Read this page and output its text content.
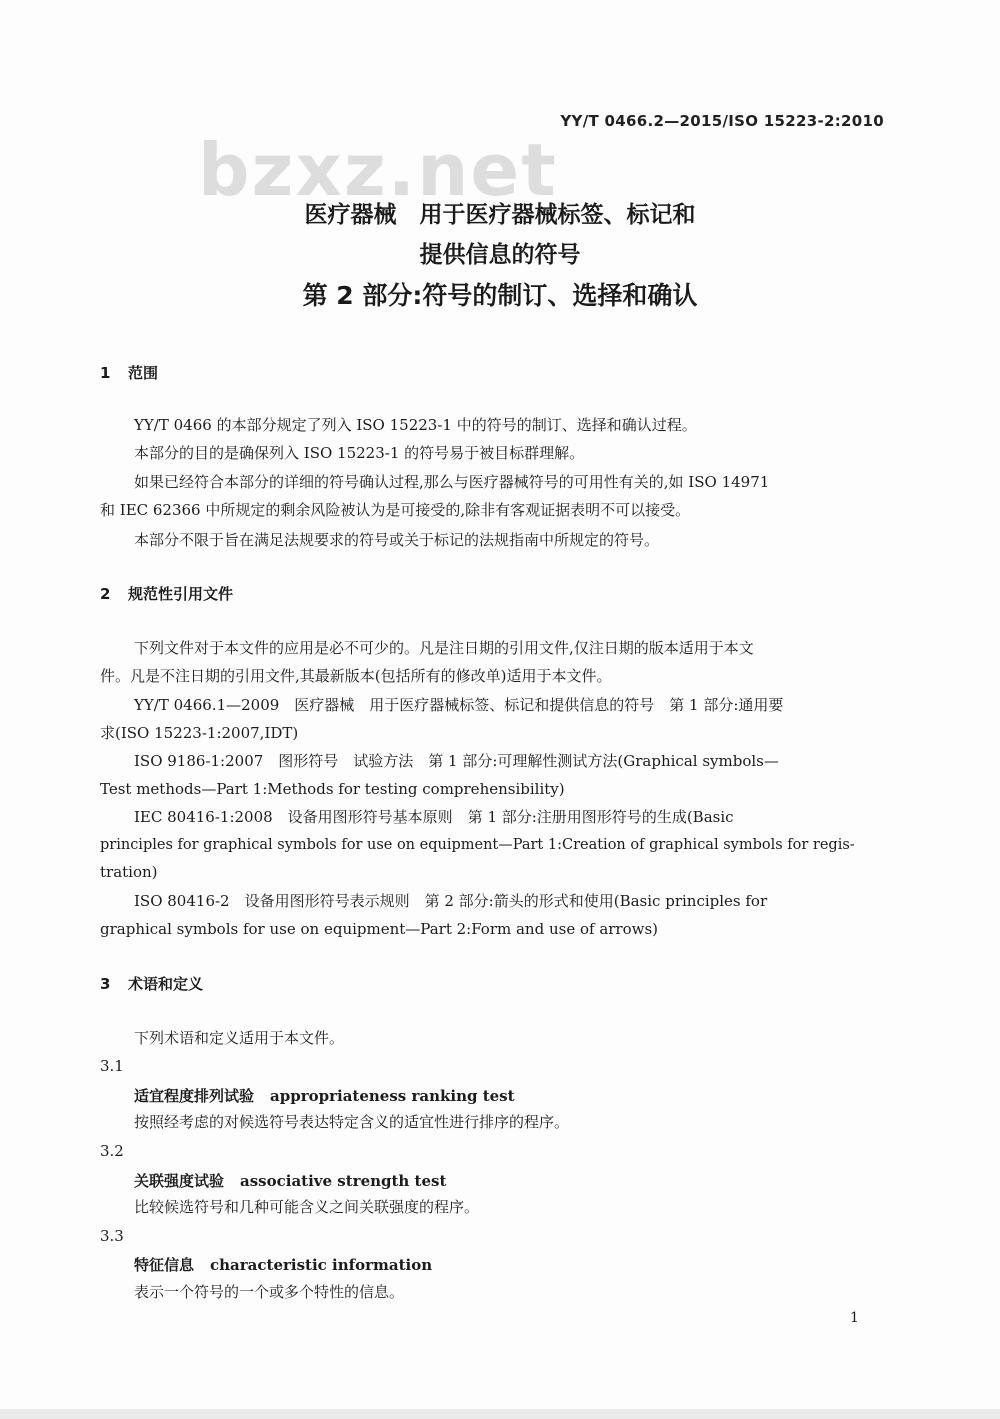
YY/T 0466.2—2015/ISO 15223-2:2010
bzxz.net
医疗器械　用于医疗器械标签、标记和
提供信息的符号
第 2 部分:符号的制订、选择和确认
1 范围
YY/T 0466 的本部分规定了列入 ISO 15223-1 中的符号的制订、选择和确认过程。
本部分的目的是确保列入 ISO 15223-1 的符号易于被目标群理解。
如果已经符合本部分的详细的符号确认过程,那么与医疗器械符号的可用性有关的,如 ISO 14971
和 IEC 62366 中所规定的剩余风险被认为是可接受的,除非有客观证据表明不可以接受。
本部分不限于旨在满足法规要求的符号或关于标记的法规指南中所规定的符号。
2 规范性引用文件
下列文件对于本文件的应用是必不可少的。凡是注日期的引用文件,仅注日期的版本适用于本文
件。凡是不注日期的引用文件,其最新版本(包括所有的修改单)适用于本文件。
YY/T 0466.1—2009　医疗器械　用于医疗器械标签、标记和提供信息的符号　第 1 部分:通用要
求(ISO 15223-1:2007,IDT)
ISO 9186-1:2007　图形符号　试验方法　第 1 部分:可理解性测试方法(Graphical symbols—
Test methods—Part 1:Methods for testing comprehensibility)
IEC 80416-1:2008　设备用图形符号基本原则　第 1 部分:注册用图形符号的生成(Basic
principles for graphical symbols for use on equipment—Part 1:Creation of graphical symbols for regis-
tration)
ISO 80416-2　设备用图形符号表示规则　第 2 部分:箭头的形式和使用(Basic principles for
graphical symbols for use on equipment—Part 2:Form and use of arrows)
3 术语和定义
下列术语和定义适用于本文件。
3.1
适宜程度排列试验 appropriateness ranking test
按照经考虑的对候选符号表达特定含义的适宜性进行排序的程序。
3.2
关联强度试验 associative strength test
比较候选符号和几种可能含义之间关联强度的程序。
3.3
特征信息 characteristic information
表示一个符号的一个或多个特性的信息。
1
